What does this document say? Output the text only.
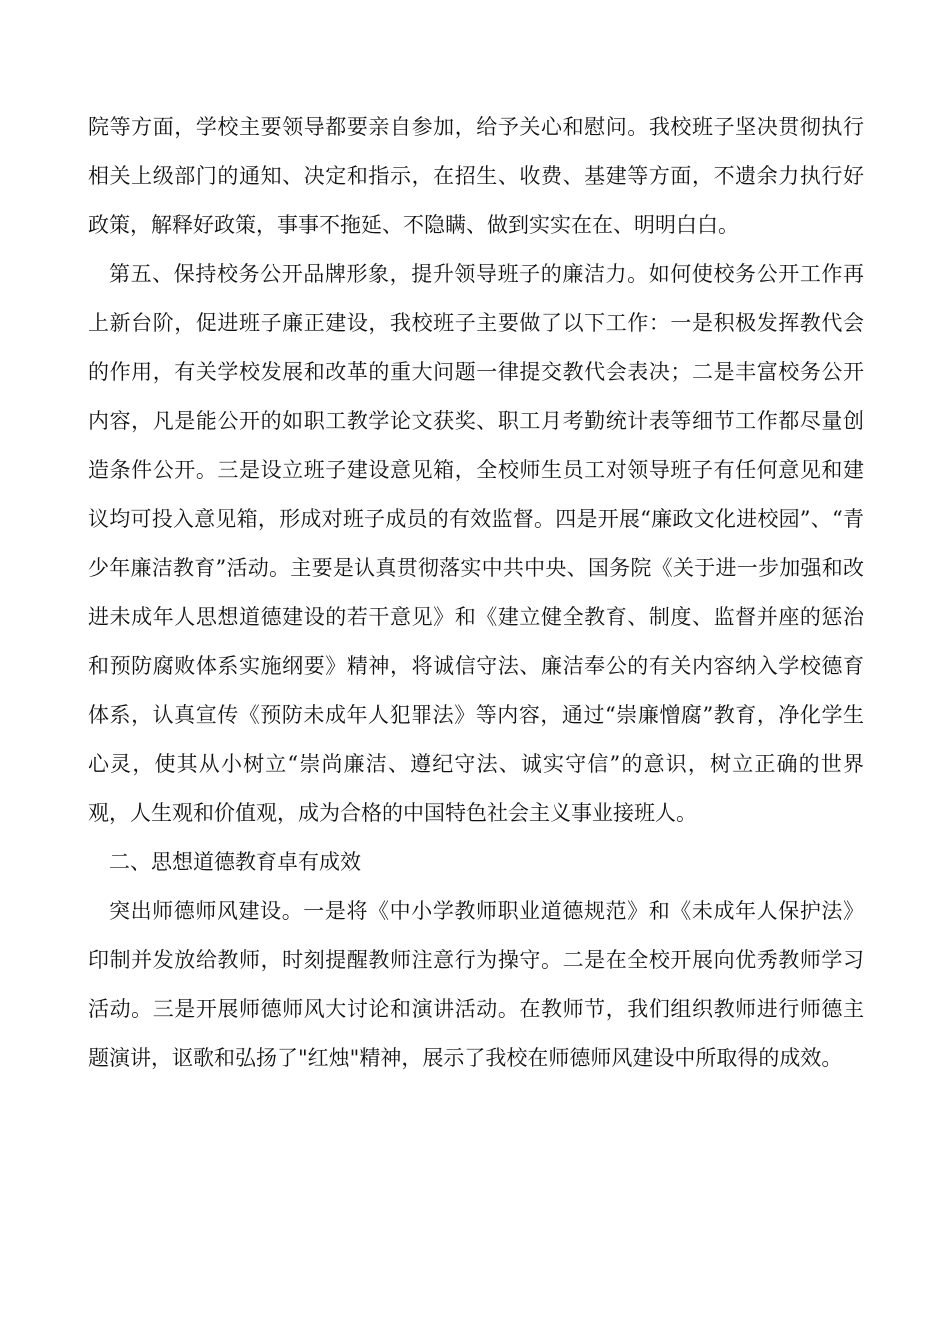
院等方面，学校主要领导都要亲自参加，给予关心和慰问。我校班子坚决贯彻执行相关上级部门的通知、决定和指示，在招生、收费、基建等方面，不遗余力执行好政策，解释好政策，事事不拖延、不隐瞒、做到实实在在、明明白白。

第五、保持校务公开品牌形象，提升领导班子的廉洁力。如何使校务公开工作再上新台阶，促进班子廉正建设，我校班子主要做了以下工作：一是积极发挥教代会的作用，有关学校发展和改革的重大问题一律提交教代会表决；二是丰富校务公开内容，凡是能公开的如职工教学论文获奖、职工月考勤统计表等细节工作都尽量创造条件公开。三是设立班子建设意见箱，全校师生员工对领导班子有任何意见和建议均可投入意见箱，形成对班子成员的有效监督。四是开展“廉政文化进校园”、“青少年廉洁教育”活动。主要是认真贯彻落实中共中央、国务院《关于进一步加强和改进未成年人思想道德建设的若干意见》和《建立健全教育、制度、监督并座的惩治和预防腐败体系实施纲要》精神，将诚信守法、廉洁奉公的有关内容纳入学校德育体系，认真宣传《预防未成年人犯罪法》等内容，通过“崇廉憎腐”教育，净化学生心灵，使其从小树立“崇尚廉洁、遵纪守法、诚实守信”的意识，树立正确的世界观，人生观和价值观，成为合格的中国特色社会主义事业接班人。

二、思想道德教育卓有成效

突出师德师风建设。一是将《中小学教师职业道德规范》和《未成年人保护法》印制并发放给教师，时刻提醒教师注意行为操守。二是在全校开展向优秀教师学习活动。三是开展师德师风大讨论和演讲活动。在教师节，我们组织教师进行师德主题演讲，讴歌和弘扬了"红烛"精神，展示了我校在师德师风建设中所取得的成效。
